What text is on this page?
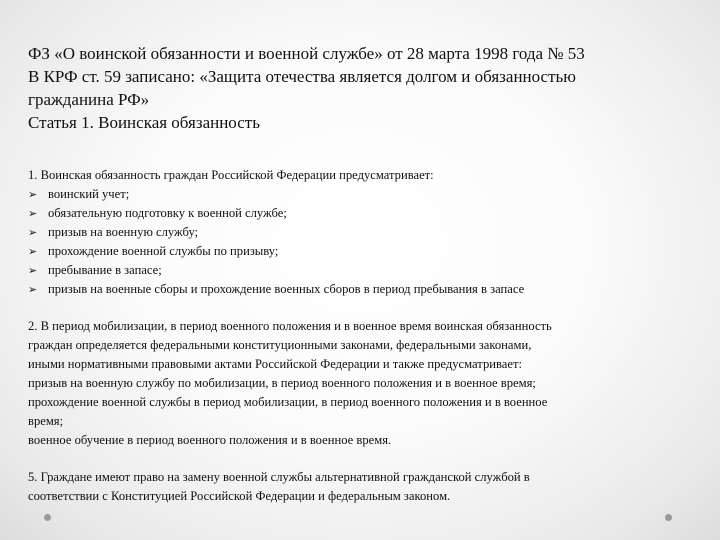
ФЗ «О воинской обязанности и военной службе» от 28 марта 1998 года № 53
В КРФ ст. 59 записано: «Защита отечества является долгом и обязанностью
гражданина РФ»
Статья 1. Воинская обязанность
1. Воинская обязанность граждан Российской Федерации предусматривает:
➢ воинский учет;
➢ обязательную подготовку к военной службе;
➢ призыв на военную службу;
➢ прохождение военной службы по призыву;
➢ пребывание в запасе;
➢ призыв на военные сборы и прохождение военных сборов в период пребывания в запасе
2. В период мобилизации, в период военного положения и в военное время воинская обязанность
граждан определяется федеральными конституционными законами, федеральными законами,
иными нормативными правовыми актами Российской Федерации и также предусматривает:
призыв на военную службу по мобилизации, в период военного положения и в военное время;
прохождение военной службы в период мобилизации, в период военного положения и в военное
время;
военное обучение в период военного положения и в военное время.
5. Граждане имеют право на замену военной службы альтернативной гражданской службой в
соответствии с Конституцией Российской Федерации и федеральным законом.
